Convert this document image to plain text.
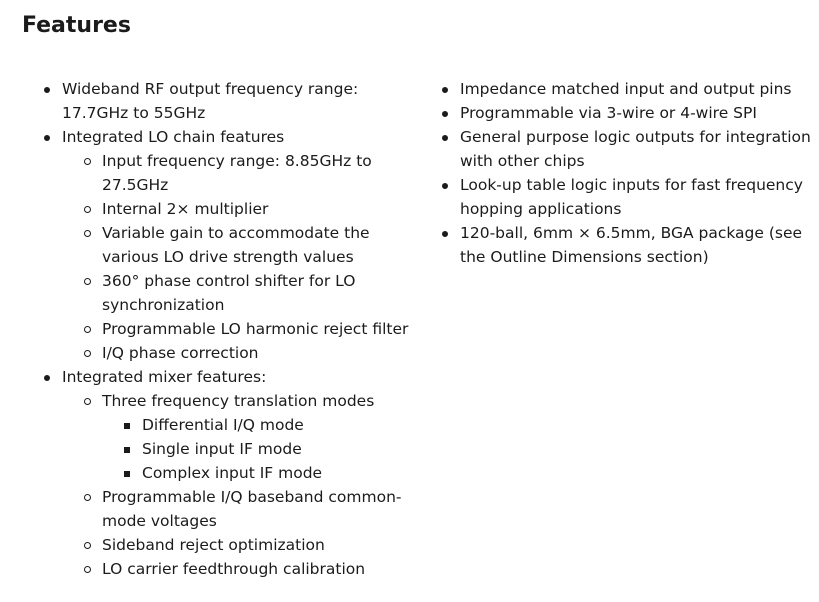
Features
Wideband RF output frequency range: 17.7GHz to 55GHz
Integrated LO chain features
Input frequency range: 8.85GHz to 27.5GHz
Internal 2× multiplier
Variable gain to accommodate the various LO drive strength values
360° phase control shifter for LO synchronization
Programmable LO harmonic reject filter
I/Q phase correction
Integrated mixer features:
Three frequency translation modes
Differential I/Q mode
Single input IF mode
Complex input IF mode
Programmable I/Q baseband common-mode voltages
Sideband reject optimization
LO carrier feedthrough calibration
Impedance matched input and output pins
Programmable via 3-wire or 4-wire SPI
General purpose logic outputs for integration with other chips
Look-up table logic inputs for fast frequency hopping applications
120-ball, 6mm × 6.5mm, BGA package (see the Outline Dimensions section)
